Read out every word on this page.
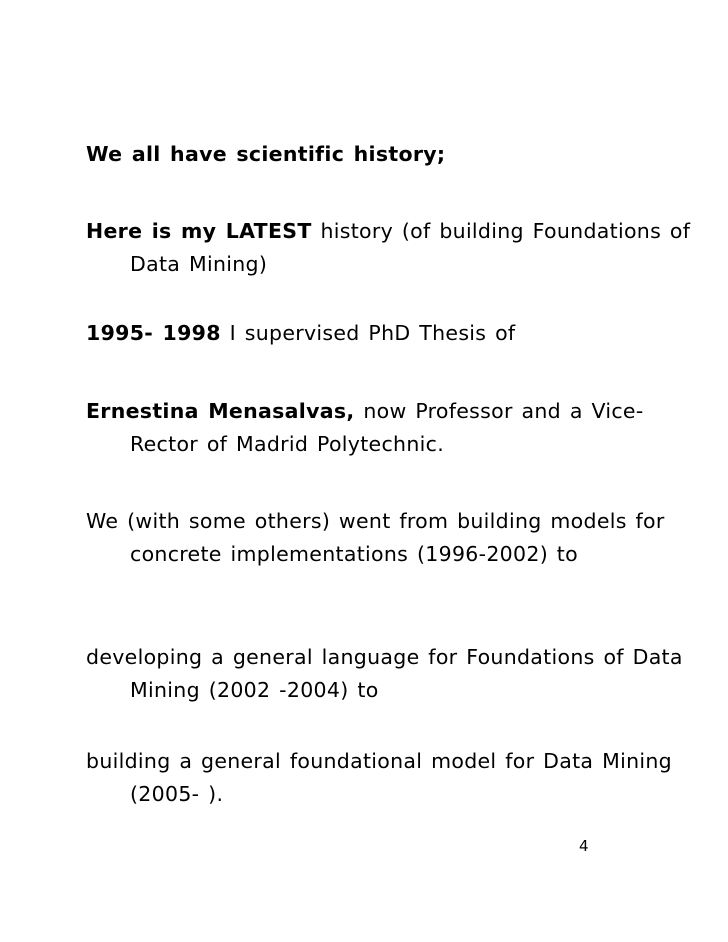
We all have scientific history;

Here is my LATEST history (of building Foundations of Data Mining)

1995- 1998 I supervised PhD Thesis of

Ernestina Menasalvas, now Professor and a Vice-Rector of Madrid Polytechnic.

We (with some others) went from building models for concrete implementations (1996-2002) to

developing a general language for Foundations of Data Mining (2002 -2004) to

building a general foundational model for Data Mining (2005- ).

4
